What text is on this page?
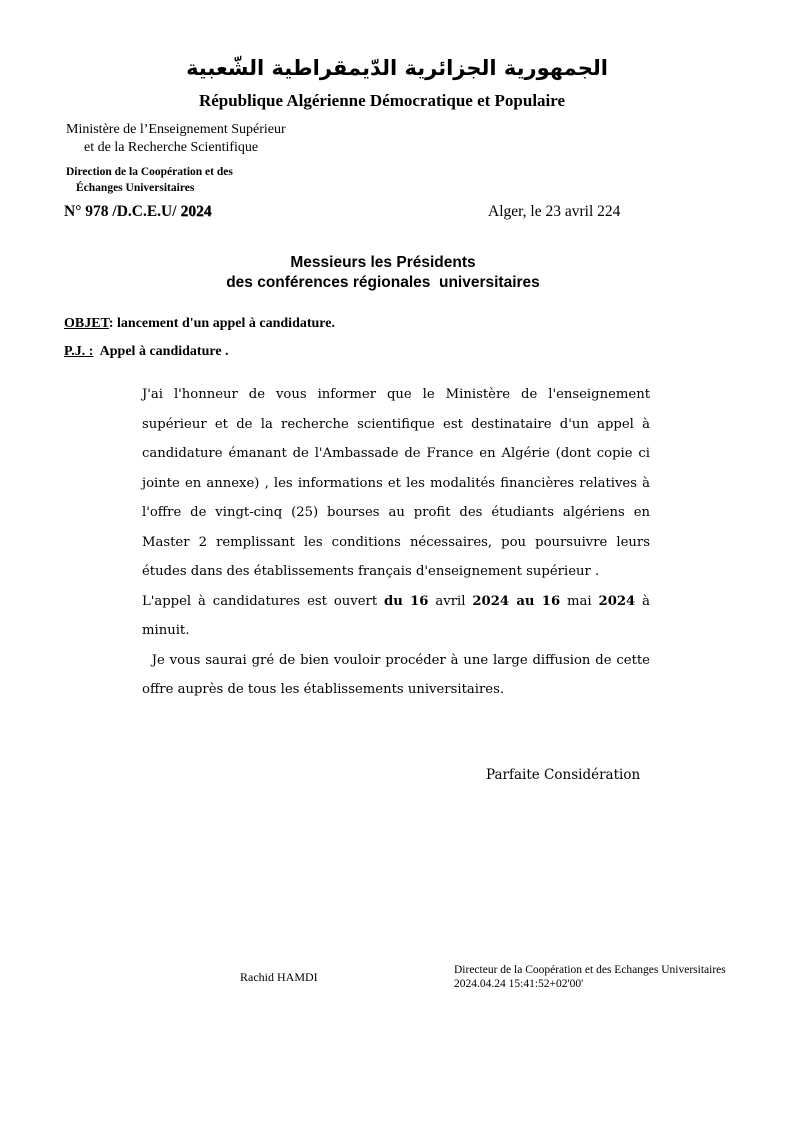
الجمهورية الجزائرية الدّيمقراطية الشّعبية
République Algérienne Démocratique et Populaire
Ministère de l’Enseignement Supérieur
et de la Recherche Scientifique
Direction de la Coopération et des
Échanges Universitaires
N° 978 /D.C.E.U/ 2024	Alger, le 23 avril 224
Messieurs les Présidents
des conférences régionales  universitaires
OBJET: lancement d'un appel à candidature.
P.J. :  Appel à candidature .

J'ai l'honneur de vous informer que le Ministère de l'enseignement supérieur et de la recherche scientifique est destinataire d'un appel à candidature émanant de l'Ambassade de France en Algérie (dont copie ci jointe en annexe) , les informations et les modalités financières relatives à l'offre de vingt-cinq (25) bourses au profit des étudiants algériens en Master 2 remplissant les conditions nécessaires, pou poursuivre leurs études dans des établissements français d'enseignement supérieur .

L'appel à candidatures est ouvert du 16 avril 2024 au 16 mai 2024 à minuit.

Je vous saurai gré de bien vouloir procéder à une large diffusion de cette offre auprès de tous les établissements universitaires.

Parfaite Considération
Rachid HAMDI	Directeur de la Coopération et des Echanges Universitaires
2024.04.24 15:41:52+02'00'
